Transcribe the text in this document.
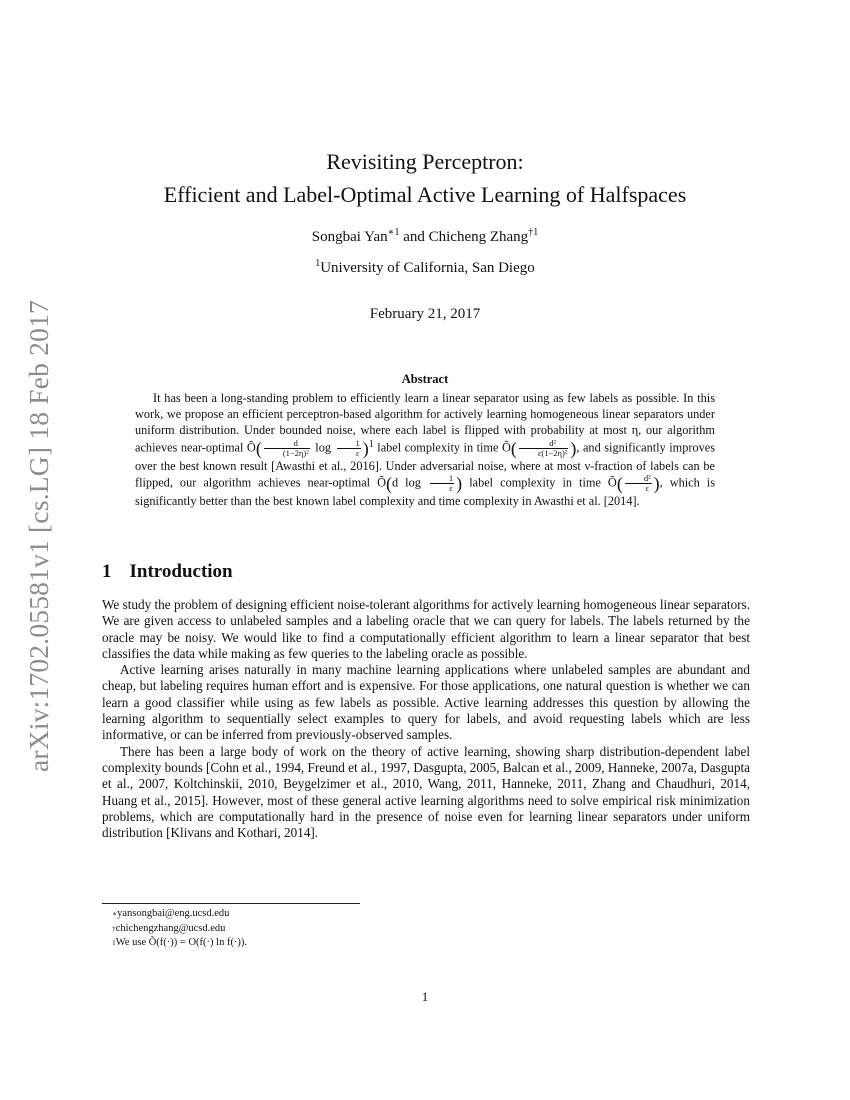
arXiv:1702.05581v1 [cs.LG] 18 Feb 2017
Revisiting Perceptron:
Efficient and Label-Optimal Active Learning of Halfspaces
Songbai Yan$^{∗1}$ and Chicheng Zhang$^{\dagger 1}$
$^1$University of California, San Diego
February 21, 2017
Abstract

It has been a long-standing problem to efficiently learn a linear separator using as few labels as possible. In this work, we propose an efficient perceptron-based algorithm for actively learning homogeneous linear separators under uniform distribution. Under bounded noise, where each label is flipped with probability at most η, our algorithm achieves near-optimal Õ( $\frac{d}{\text{(1−2η)²}}$ $\log \frac{1}{\varepsilon} )^1$ label complexity in time Õ( $\frac{\text{d²}}{\text{ε(1−2η)²}}$ ), and significantly improves over the best known result [Awasthi et al., 2016]. Under adversarial noise, where at most ν-fraction of labels can be flipped, our algorithm achieves near-optimal Õ(d $\log \frac{1}{\varepsilon}$ ) label complexity in time Õ( $\frac{\text{d²}}{\varepsilon}$ ), which is significantly better than the best known label complexity and time complexity in Awasthi et al. [2014].

1 Introduction

We study the problem of designing efficient noise-tolerant algorithms for actively learning homogeneous linear separators. We are given access to unlabeled samples and a labeling oracle that we can query for labels. The labels returned by the oracle may be noisy. We would like to find a computationally efficient algorithm to learn a linear separator that best classifies the data while making as few queries to the labeling oracle as possible.

Active learning arises naturally in many machine learning applications where unlabeled samples are abundant and cheap, but labeling requires human effort and is expensive. For those applications, one natural question is whether we can learn a good classifier while using as few labels as possible. Active learning addresses this question by allowing the learning algorithm to sequentially select examples to query for labels, and avoid requesting labels which are less informative, or can be inferred from previously-observed samples.

There has been a large body of work on the theory of active learning, showing sharp distribution-dependent label complexity bounds [Cohn et al., 1994, Freund et al., 1997, Dasgupta, 2005, Balcan et al., 2009, Hanneke, 2007a, Dasgupta et al., 2007, Koltchinskii, 2010, Beygelzimer et al., 2010, Wang, 2011, Hanneke, 2011, Zhang and Chaudhuri, 2014, Huang et al., 2015]. However, most of these general active learning algorithms need to solve empirical risk minimization problems, which are computationally hard in the presence of noise even for learning linear separators under uniform distribution [Klivans and Kothari, 2014].

∗yansongbai@eng.ucsd.edu
†chichengzhang@ucsd.edu
$^1$We use Õ(f(·)) = O(f(·) ln f(·)).
1
